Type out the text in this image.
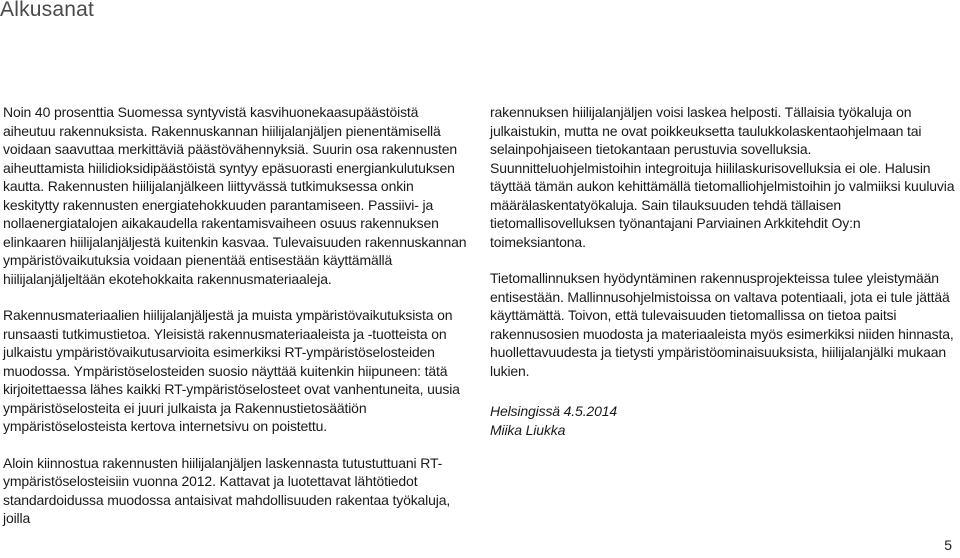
Alkusanat

Noin 40 prosenttia Suomessa syntyvistä kasvihuonekaasupäästöistä aiheutuu rakennuksista. Rakennuskannan hiilijalanjäljen pienentämisellä voidaan saavuttaa merkittäviä päästövähennyksiä. Suurin osa rakennusten aiheuttamista hiilidioksidipäästöistä syntyy epäsuorasti energiankulutuksen kautta. Rakennusten hiilijalanjälkeen liittyvässä tutkimuksessa onkin keskitytty rakennusten energiatehokkuuden parantamiseen. Passiivi- ja nollaenergiatalojen aikakaudella rakentamisvaiheen osuus rakennuksen elinkaaren hiilijalanjäljestä kuitenkin kasvaa. Tulevaisuuden rakennuskannan ympäristövaikutuksia voidaan pienentää entisestään käyttämällä hiilijalanjäljeltään ekotehokkaita rakennusmateriaaleja.

Rakennusmateriaalien hiilijalanjäljestä ja muista ympäristövaikutuksista on runsaasti tutkimustietoa. Yleisistä rakennusmateriaaleista ja -tuotteista on julkaistu ympäristövaikutusarvioita esimerkiksi RT-ympäristöselosteiden muodossa. Ympäristöselosteiden suosio näyttää kuitenkin hiipuneen: tätä kirjoitettaessa lähes kaikki RT-ympäristöselosteet ovat vanhentuneita, uusia ympäristöselosteita ei juuri julkaista ja Rakennustietosäätiön ympäristöselosteista kertova internetsivu on poistettu.

Aloin kiinnostua rakennusten hiilijalanjäljen laskennasta tutustuttuani RT-ympäristöselosteisiin vuonna 2012. Kattavat ja luotettavat lähtötiedot standardoidussa muodossa antaisivat mahdollisuuden rakentaa työkaluja, joilla

rakennuksen hiilijalanjäljen voisi laskea helposti. Tällaisia työkaluja on julkaistukin, mutta ne ovat poikkeuksetta taulukkolaskentaohjelmaan tai selainpohjaiseen tietokantaan perustuvia sovelluksia. Suunnitteluohjelmistoihin integroituja hiililaskurisovelluksia ei ole. Halusin täyttää tämän aukon kehittämällä tietomalliohjelmistoihin jo valmiiksi kuuluvia määrälaskentatyökaluja. Sain tilauksuuden tehdä tällaisen tietomallisovelluksen työnantajani Parviainen Arkkitehdit Oy:n toimeksiantona.

Tietomallinnuksen hyödyntäminen rakennusprojekteissa tulee yleistymään entisestään. Mallinnusohjelmistoissa on valtava potentiaali, jota ei tule jättää käyttämättä. Toivon, että tulevaisuuden tietomallissa on tietoa paitsi rakennusosien muodosta ja materiaaleista myös esimerkiksi niiden hinnasta, huollettavuudesta ja tietysti ympäristöominaisuuksista, hiilijalanjälki mukaan lukien.

Helsingissä 4.5.2014

Miika Liukka

5
